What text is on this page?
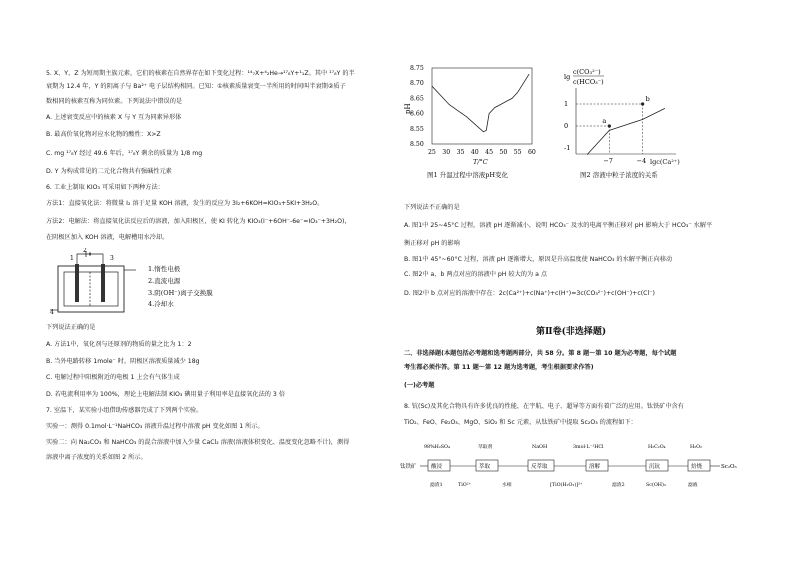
5. X、Y、Z 为短周期主族元素，它们的核素在自然界存在如下变化过程：¹⁴₇X+⁴₂He→¹⁷₈Y+¹₁Z。其中 ¹⁷₈Y 的半
衰期为 12.4 年，Y 的阴离子与 Ba²⁺ 电子层结构相同。已知：①核素质量衰变一半所用的时间叫半衰期②质子
数相同的核素互称为同位素。下列说法中错误的是
A. 上述衰变反应中的核素 X 与 Y 互为同素异形体
B. 最高价氧化物对应水化物的酸性：X>Z
C. mg ¹⁷₈Y 经过 49.6 年后，¹⁷₈Y 剩余的质量为 1/8 mg
D. Y 为构成常见的二元化合物共有强碱性元素
6. 工业上制取 KIO₃ 可采用如下两种方法：
方法1：直接氧化法：将微量 I₂ 溶于足量 KOH 溶液，发生的反应为 3I₂+6KOH=KIO₃+5KI+3H₂O。
方法2：电解法：将直接氧化法反应后的溶液，加入阳极区，使 KI 转化为 KIO₃(I⁻+6OH⁻-6e⁻=IO₃⁻+3H₂O)，
在阴极区加入 KOH 溶液，电解槽用水冷却。
1
2
3
4
1.惰性电极
2.直流电源
3.阴(OH⁻)离子交换膜
4.冷却水
下列说法正确的是
A. 方法1中，氧化剂与还原剂的物质的量之比为 1：2
B. 当外电路转移 1mole⁻ 时，阴极区溶液质量减少 18g
C. 电解过程中阳极附近的电极 1 上会有气体生成
D. 若电流利用率为 100%，理论上电解法制 KIO₃ 碘用量子利用率是直接氧化法的 3 倍
7. 室温下，某实验小组借助传感器完成了下列两个实验。
实验一：测得 0.1mol·L⁻¹NaHCO₃ 溶液升温过程中溶液 pH 变化如图 1 所示。
实验二：向 Na₂CO₃ 和 NaHCO₃ 的混合溶液中加入少量 CaCl₂ 溶液(溶液体积变化、温度变化忽略不计)，测得
溶液中离子浓度的关系如图 2 所示。
pH
8.75
8.70
8.65
8.60
8.55
8.50
25 30 35 40 45 50 55 60
T/°C
图1 升温过程中溶液pH变化
lg
c(CO₃²⁻)
c(HCO₃⁻)
1
0
-1
−7	−4
a
b
lgc(Ca²⁺)
图2 溶液中粒子浓度的关系
下列说法不正确的是
A. 图1中 25~45°C 过程，溶液 pH 逐渐减小，说明 HCO₃⁻ 及水的电离平衡正移对 pH 影响大于 HCO₃⁻ 水解平
衡正移对 pH 的影响
B. 图1中 45°~60°C 过程，溶液 pH 逐渐增大，原因是升高温度使 NaHCO₃ 的水解平衡正向移动
C. 图2中 a、b 两点对应的溶液中 pH 较大的为 a 点
D. 图2中 b 点对应的溶液中存在：2c(Ca²⁺)+c(Na⁺)+c(H⁺)=3c(CO₃²⁻)+c(OH⁻)+c(Cl⁻)
第Ⅱ卷(非选择题)
二、非选择题(本题包括必考题和选考题两部分，共 58 分。第 8 题～第 10 题为必考题，每个试题
考生都必须作答。第 11 题～第 12 题为选考题，考生根据要求作答)
(一)必考题
8. 钪(Sc)及其化合物具有许多优良的性能，在宇航、电子、超导等方面有着广泛的应用。钛铁矿中含有
TiO₂、FeO、Fe₂O₃、MgO、SiO₂ 和 Sc 元素，从钛铁矿中提取 Sc₂O₃ 的流程如下：
钛铁矿	酸浸	萃取	反萃取	溶解	沉钪	焙烧	Sc₂O₃
98%H₂SO₄	萃取剂	NaOH	3mol·L⁻¹HCl	H₂C₂O₄	H₂O₂
滤渣1	TiO²⁺	水相	[TiO(H₂O₂)]²⁺	滤渣2	Sc(OH)₃	滤液
